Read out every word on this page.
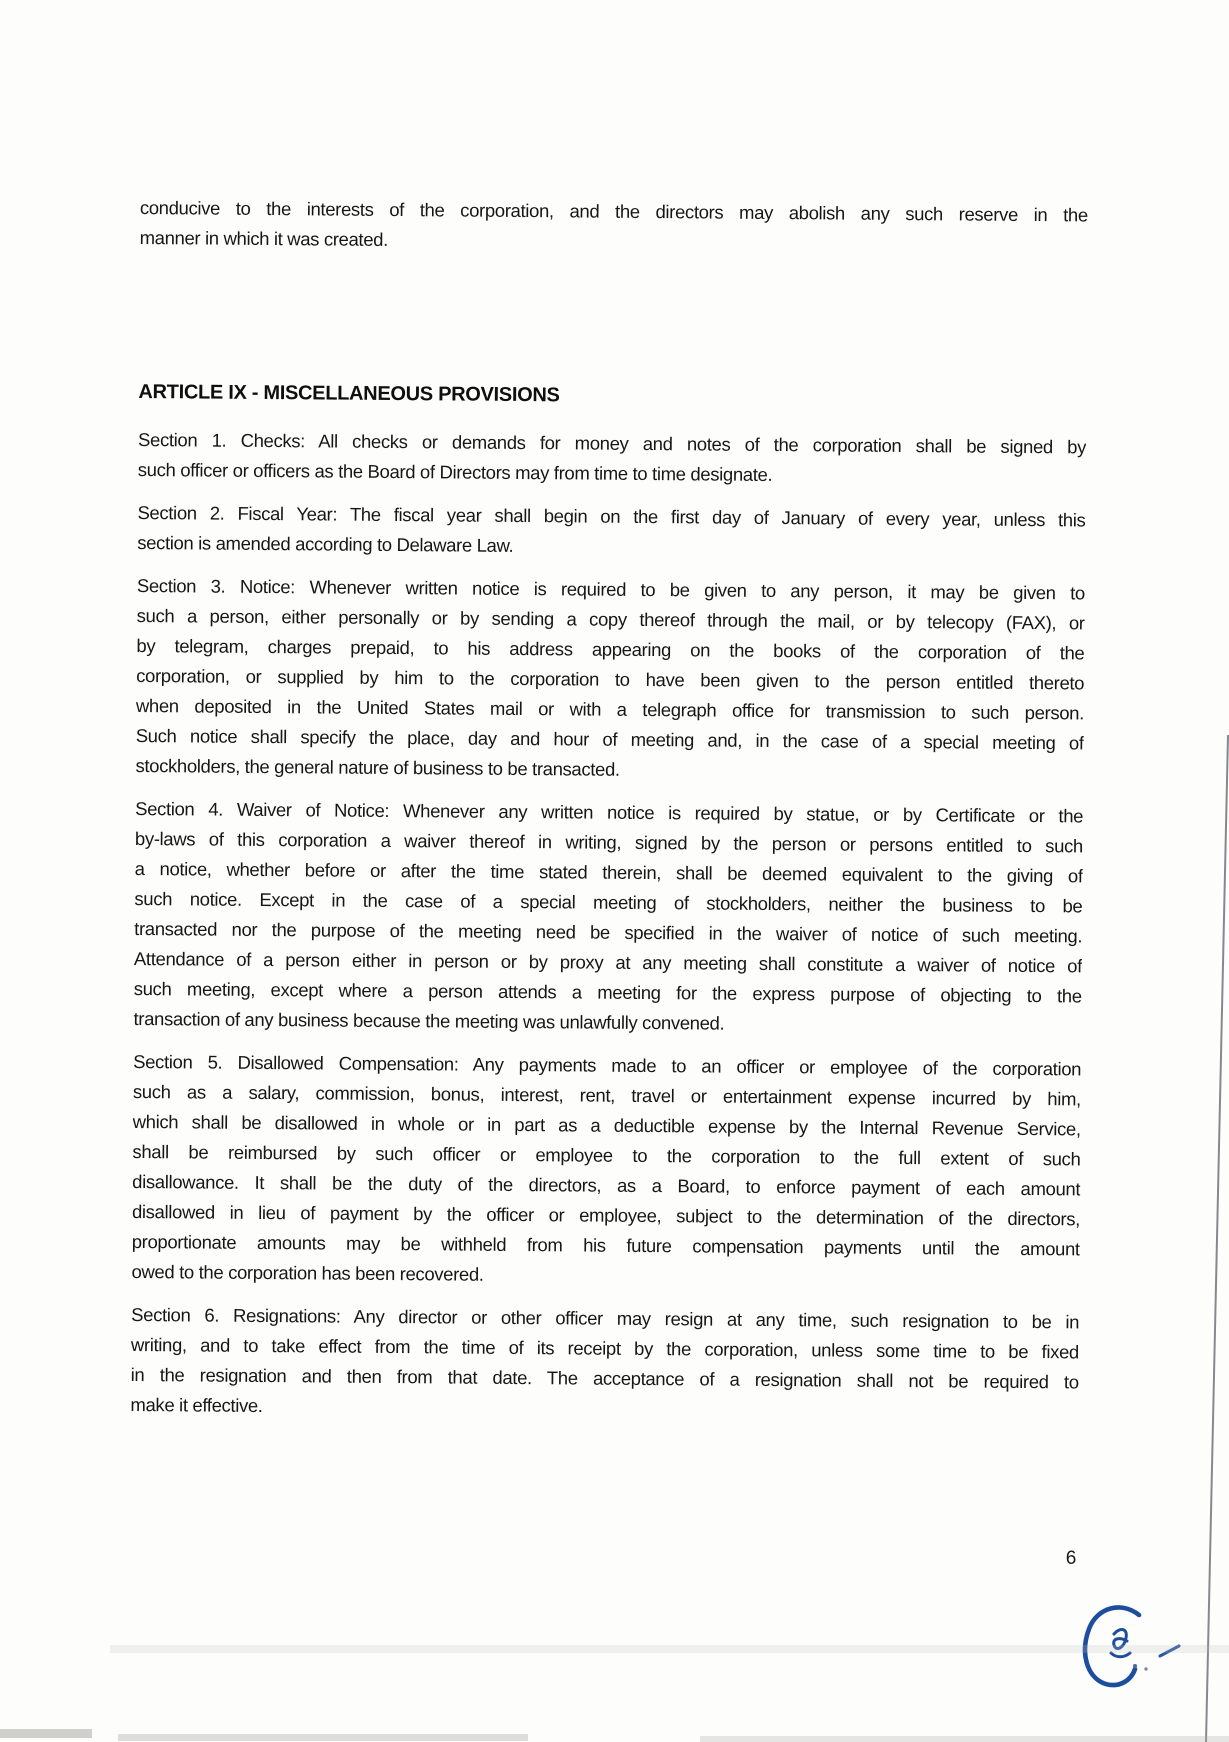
conducive to the interests of the corporation, and the directors may abolish any such reserve in the
manner in which it was created.
ARTICLE IX - MISCELLANEOUS PROVISIONS
Section 1. Checks: All checks or demands for money and notes of the corporation shall be signed by
such officer or officers as the Board of Directors may from time to time designate.
Section 2. Fiscal Year: The fiscal year shall begin on the first day of January of every year, unless this
section is amended according to Delaware Law.
Section 3. Notice: Whenever written notice is required to be given to any person, it may be given to
such a person, either personally or by sending a copy thereof through the mail, or by telecopy (FAX), or
by telegram, charges prepaid, to his address appearing on the books of the corporation of the
corporation, or supplied by him to the corporation to have been given to the person entitled thereto
when deposited in the United States mail or with a telegraph office for transmission to such person.
Such notice shall specify the place, day and hour of meeting and, in the case of a special meeting of
stockholders, the general nature of business to be transacted.
Section 4. Waiver of Notice: Whenever any written notice is required by statue, or by Certificate or the
by-laws of this corporation a waiver thereof in writing, signed by the person or persons entitled to such
a notice, whether before or after the time stated therein, shall be deemed equivalent to the giving of
such notice. Except in the case of a special meeting of stockholders, neither the business to be
transacted nor the purpose of the meeting need be specified in the waiver of notice of such meeting.
Attendance of a person either in person or by proxy at any meeting shall constitute a waiver of notice of
such meeting, except where a person attends a meeting for the express purpose of objecting to the
transaction of any business because the meeting was unlawfully convened.
Section 5. Disallowed Compensation: Any payments made to an officer or employee of the corporation
such as a salary, commission, bonus, interest, rent, travel or entertainment expense incurred by him,
which shall be disallowed in whole or in part as a deductible expense by the Internal Revenue Service,
shall be reimbursed by such officer or employee to the corporation to the full extent of such
disallowance. It shall be the duty of the directors, as a Board, to enforce payment of each amount
disallowed in lieu of payment by the officer or employee, subject to the determination of the directors,
proportionate amounts may be withheld from his future compensation payments until the amount
owed to the corporation has been recovered.
Section 6. Resignations: Any director or other officer may resign at any time, such resignation to be in
writing, and to take effect from the time of its receipt by the corporation, unless some time to be fixed
in the resignation and then from that date. The acceptance of a resignation shall not be required to
make it effective.
6
